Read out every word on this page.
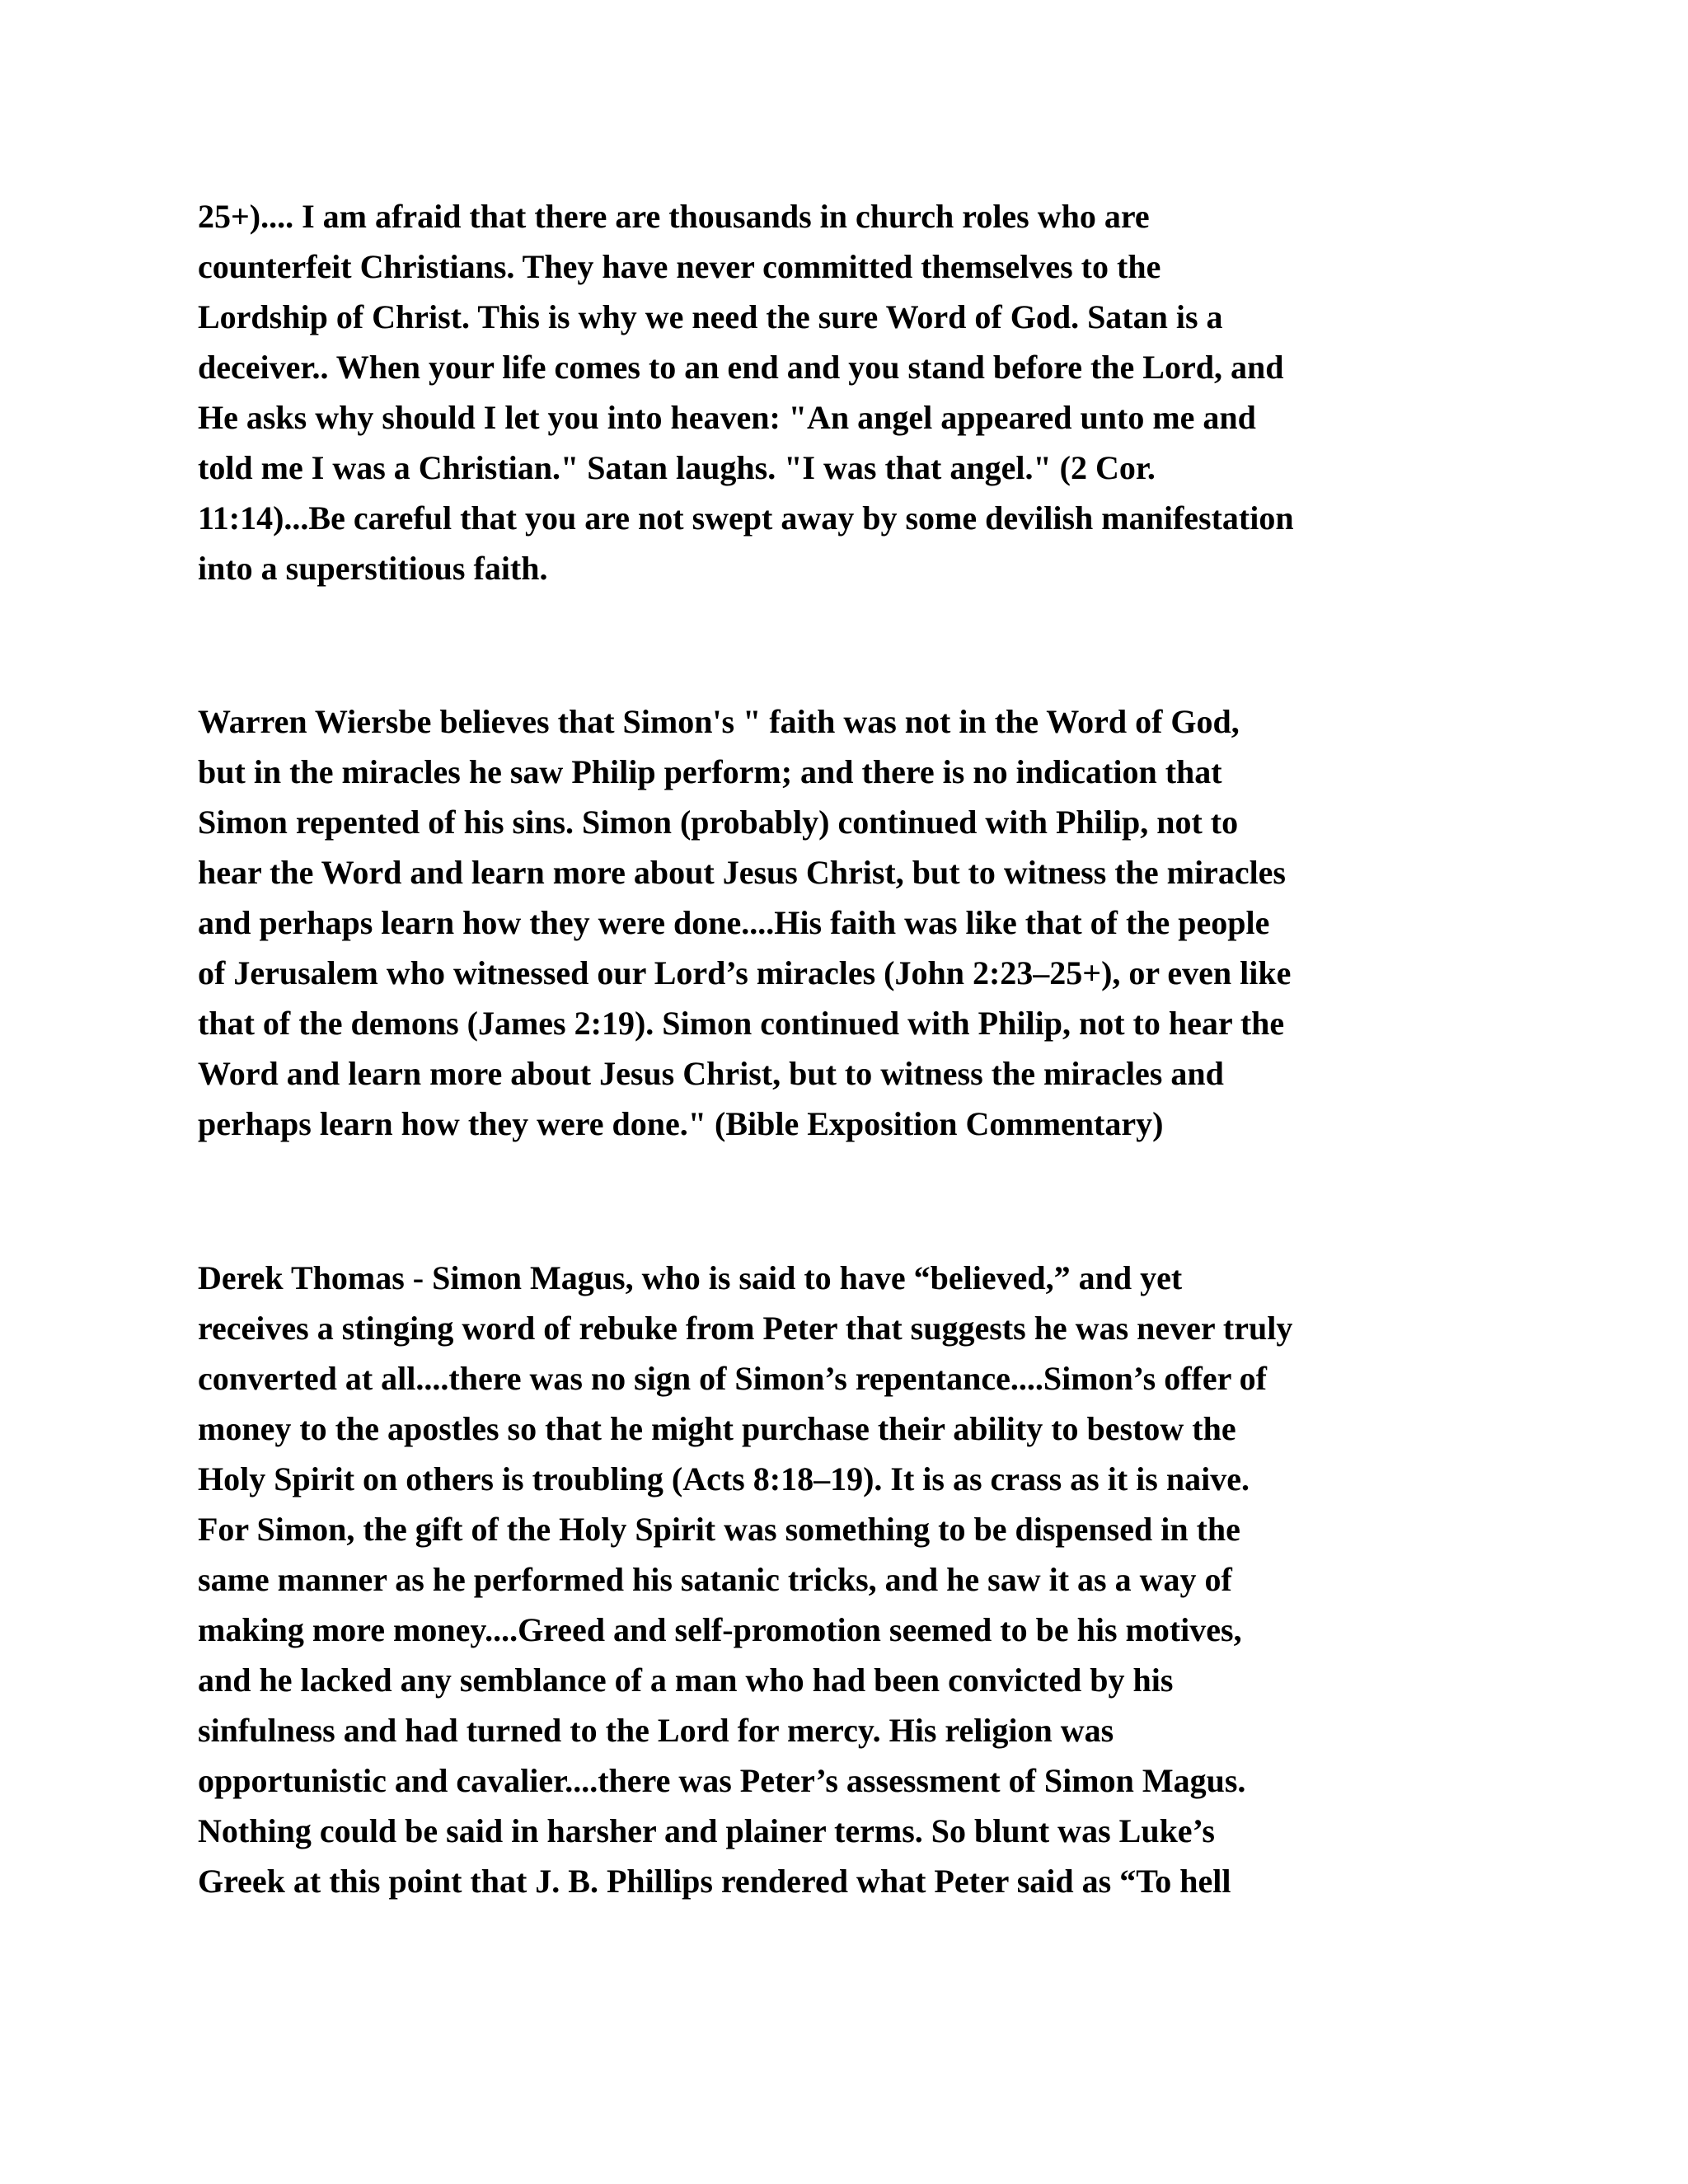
25+).... I am afraid that there are thousands in church roles who are

counterfeit Christians. They have never committed themselves to the

Lordship of Christ. This is why we need the sure Word of God. Satan is a

deceiver.. When your life comes to an end and you stand before the Lord, and

He asks why should I let you into heaven: "An angel appeared unto me and

told me I was a Christian." Satan laughs. "I was that angel." (2 Cor.

11:14)...Be careful that you are not swept away by some devilish manifestation

into a superstitious faith.

Warren Wiersbe believes that Simon's " faith was not in the Word of God,

but in the miracles he saw Philip perform; and there is no indication that

Simon repented of his sins. Simon (probably) continued with Philip, not to

hear the Word and learn more about Jesus Christ, but to witness the miracles

and perhaps learn how they were done....His faith was like that of the people

of Jerusalem who witnessed our Lord’s miracles (John 2:23–25+), or even like

that of the demons (James 2:19). Simon continued with Philip, not to hear the

Word and learn more about Jesus Christ, but to witness the miracles and

perhaps learn how they were done." (Bible Exposition Commentary)

Derek Thomas - Simon Magus, who is said to have “believed,” and yet

receives a stinging word of rebuke from Peter that suggests he was never truly

converted at all....there was no sign of Simon’s repentance....Simon’s offer of

money to the apostles so that he might purchase their ability to bestow the

Holy Spirit on others is troubling (Acts 8:18–19). It is as crass as it is naive.

For Simon, the gift of the Holy Spirit was something to be dispensed in the

same manner as he performed his satanic tricks, and he saw it as a way of

making more money....Greed and self-promotion seemed to be his motives,

and he lacked any semblance of a man who had been convicted by his

sinfulness and had turned to the Lord for mercy. His religion was

opportunistic and cavalier....there was Peter’s assessment of Simon Magus.

Nothing could be said in harsher and plainer terms. So blunt was Luke’s

Greek at this point that J. B. Phillips rendered what Peter said as “To hell
